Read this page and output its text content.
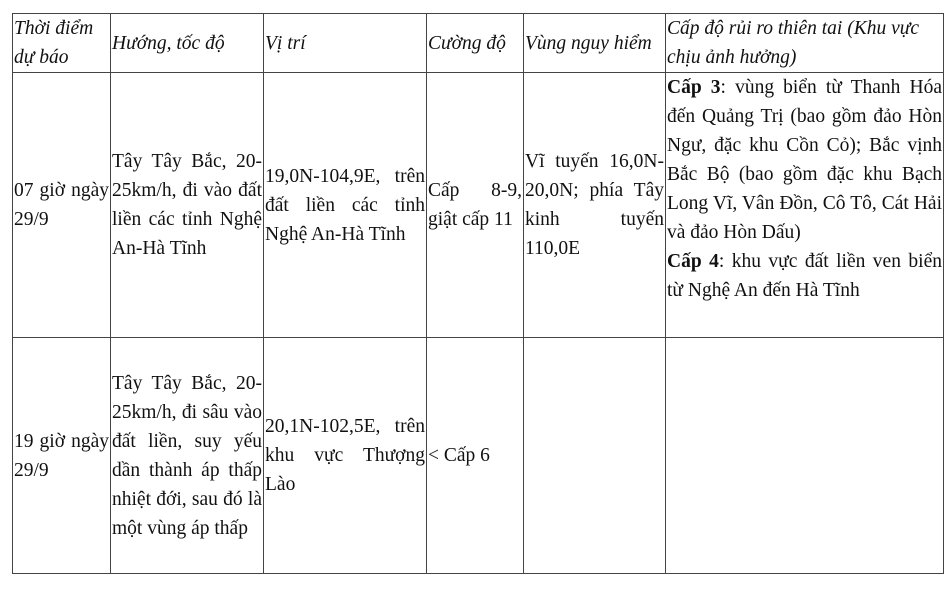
Thời điểm dự báo	Hướng, tốc độ	Vị trí	Cường độ	Vùng nguy hiểm	Cấp độ rủi ro thiên tai (Khu vực chịu ảnh hưởng)

07 giờ ngày 29/9	Tây Tây Bắc, 20-25km/h, đi vào đất liền các tỉnh Nghệ An-Hà Tĩnh	19,0N-104,9E, trên đất liền các tỉnh Nghệ An-Hà Tĩnh	Cấp 8-9, giật cấp 11	Vĩ tuyến 16,0N-20,0N; phía Tây kinh tuyến 110,0E	Cấp 3: vùng biển từ Thanh Hóa đến Quảng Trị (bao gồm đảo Hòn Ngư, đặc khu Cồn Cỏ); Bắc vịnh Bắc Bộ (bao gồm đặc khu Bạch Long Vĩ, Vân Đồn, Cô Tô, Cát Hải và đảo Hòn Dấu)
Cấp 4: khu vực đất liền ven biển từ Nghệ An đến Hà Tĩnh

19 giờ ngày 29/9	Tây Tây Bắc, 20-25km/h, đi sâu vào đất liền, suy yếu dần thành áp thấp nhiệt đới, sau đó là một vùng áp thấp	20,1N-102,5E, trên khu vực Thượng Lào	< Cấp 6		
